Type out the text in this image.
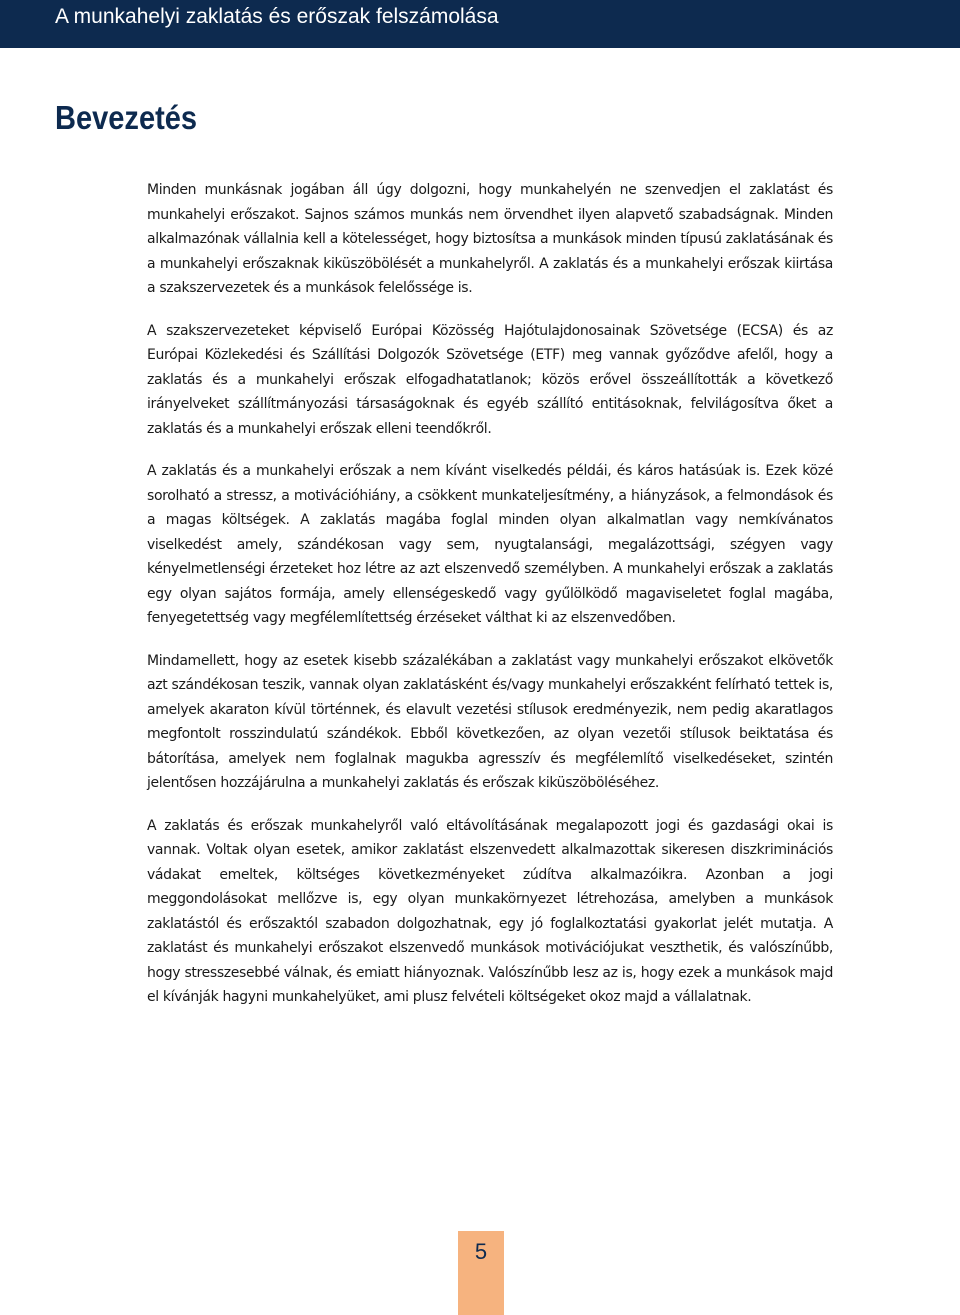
A munkahelyi zaklatás és erőszak felszámolása
Bevezetés

Minden munkásnak jogában áll úgy dolgozni, hogy munkahelyén ne szenvedjen el zaklatást és munkahelyi erőszakot. Sajnos számos munkás nem örvendhet ilyen alapvető szabadságnak. Minden alkalmazónak vállalnia kell a kötelességet, hogy biztosítsa a munkások minden típusú zaklatásának és a munkahelyi erőszaknak kiküszöbölését a munkahelyről. A zaklatás és a munkahelyi erőszak kiirtása a szakszervezetek és a munkások felelőssége is.

A szakszervezeteket képviselő Európai Közösség Hajótulajdonosainak Szövetsége (ECSA) és az Európai Közlekedési és Szállítási Dolgozók Szövetsége (ETF) meg vannak győződve afelől, hogy a zaklatás és a munkahelyi erőszak elfogadhatatlanok; közös erővel összeállították a következő irányelveket szállítmányozási társaságoknak és egyéb szállító entitásoknak, felvilágosítva őket a zaklatás és a munkahelyi erőszak elleni teendőkről.

A zaklatás és a munkahelyi erőszak a nem kívánt viselkedés példái, és káros hatásúak is. Ezek közé sorolható a stressz, a motivációhiány, a csökkent munkateljesítmény, a hiányzások, a felmondások és a magas költségek. A zaklatás magába foglal minden olyan alkalmatlan vagy nemkívánatos viselkedést amely, szándékosan vagy sem, nyugtalansági, megalázottsági, szégyen vagy kényelmetlenségi érzeteket hoz létre az azt elszenvedő személyben. A munkahelyi erőszak a zaklatás egy olyan sajátos formája, amely ellenségeskedő vagy gyűlölködő magaviseletet foglal magába, fenyegetettség vagy megfélemlítettség érzéseket válthat ki az elszenvedőben.

Mindamellett, hogy az esetek kisebb százalékában a zaklatást vagy munkahelyi erőszakot elkövetők azt szándékosan teszik, vannak olyan zaklatásként és/vagy munkahelyi erőszakként felírható tettek is, amelyek akaraton kívül történnek, és elavult vezetési stílusok eredményezik, nem pedig akaratlagos megfontolt rosszindulatú szándékok. Ebből következően, az olyan vezetői stílusok beiktatása és bátorítása, amelyek nem foglalnak magukba agresszív és megfélemlítő viselkedéseket, szintén jelentősen hozzájárulna a munkahelyi zaklatás és erőszak kiküszöböléséhez.

A zaklatás és erőszak munkahelyről való eltávolításának megalapozott jogi és gazdasági okai is vannak. Voltak olyan esetek, amikor zaklatást elszenvedett alkalmazottak sikeresen diszkriminációs vádakat emeltek, költséges következményeket zúdítva alkalmazóikra. Azonban a jogi meggondolásokat mellőzve is, egy olyan munkakörnyezet létrehozása, amelyben a munkások zaklatástól és erőszaktól szabadon dolgozhatnak, egy jó foglalkoztatási gyakorlat jelét mutatja. A zaklatást és munkahelyi erőszakot elszenvedő munkások motivációjukat veszthetik, és valószínűbb, hogy stresszesebbé válnak, és emiatt hiányoznak. Valószínűbb lesz az is, hogy ezek a munkások majd el kívánják hagyni munkahelyüket, ami plusz felvételi költségeket okoz majd a vállalatnak.

5
